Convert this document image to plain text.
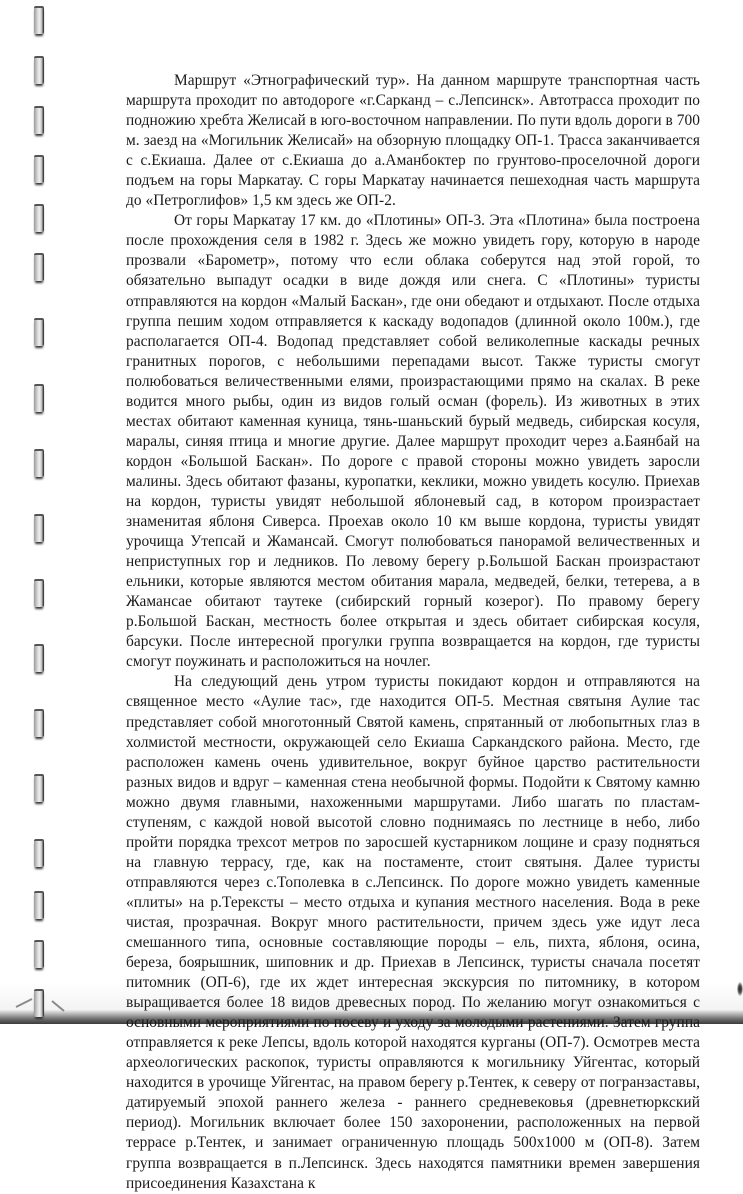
Маршрут «Этнографический тур». На данном маршруте транспортная часть маршрута проходит по автодороге «г.Сарканд – с.Лепсинск». Автотрасса проходит по подножию хребта Желисай в юго-восточном направлении. По пути вдоль дороги в 700 м. заезд на «Могильник Желисай» на обзорную площадку ОП-1. Трасса заканчивается с с.Екиаша. Далее от с.Екиаша до а.Аманбоктер по грунтово-проселочной дороги подъем на горы Маркатау. С горы Маркатау начинается пешеходная часть маршрута до «Петроглифов» 1,5 км здесь же ОП-2.

От горы Маркатау 17 км. до «Плотины» ОП-3. Эта «Плотина» была построена после прохождения селя в 1982 г. Здесь же можно увидеть гору, которую в народе прозвали «Барометр», потому что если облака соберутся над этой горой, то обязательно выпадут осадки в виде дождя или снега. С «Плотины» туристы отправляются на кордон «Малый Баскан», где они обедают и отдыхают. После отдыха группа пешим ходом отправляется к каскаду водопадов (длинной около 100м.), где располагается ОП-4. Водопад представляет собой великолепные каскады речных гранитных порогов, с небольшими перепадами высот. Также туристы смогут полюбоваться величественными елями, произрастающими прямо на скалах. В реке водится много рыбы, один из видов голый осман (форель). Из животных в этих местах обитают каменная куница, тянь-шаньский бурый медведь, сибирская косуля, маралы, синяя птица и многие другие. Далее маршрут проходит через а.Баянбай на кордон «Большой Баскан». По дороге с правой стороны можно увидеть заросли малины. Здесь обитают фазаны, куропатки, кеклики, можно увидеть косулю. Приехав на кордон, туристы увидят небольшой яблоневый сад, в котором произрастает знаменитая яблоня Сиверса. Проехав около 10 км выше кордона, туристы увидят урочища Утепсай и Жамансай. Смогут полюбоваться панорамой величественных и неприступных гор и ледников. По левому берегу р.Большой Баскан произрастают ельники, которые являются местом обитания марала, медведей, белки, тетерева, а в Жамансае обитают таутеке (сибирский горный козерог). По правому берегу р.Большой Баскан, местность более открытая и здесь обитает сибирская косуля, барсуки. После интересной прогулки группа возвращается на кордон, где туристы смогут поужинать и расположиться на ночлег.

На следующий день утром туристы покидают кордон и отправляются на священное место «Аулие тас», где находится ОП-5. Местная святыня Аулие тас представляет собой многотонный Святой камень, спрятанный от любопытных глаз в холмистой местности, окружающей село Екиаша Саркандского района. Место, где расположен камень очень удивительное, вокруг буйное царство растительности разных видов и вдруг – каменная стена необычной формы. Подойти к Святому камню можно двумя главными, нахоженными маршрутами. Либо шагать по пластам-ступеням, с каждой новой высотой словно поднимаясь по лестнице в небо, либо пройти порядка трехсот метров по заросшей кустарником лощине и сразу подняться на главную террасу, где, как на постаменте, стоит святыня. Далее туристы отправляются через с.Тополевка в с.Лепсинск. По дороге можно увидеть каменные «плиты» на р.Терекcты – место отдыха и купания местного населения. Вода в реке чистая, прозрачная. Вокруг много растительности, причем здесь уже идут леса смешанного типа, основные составляющие породы – ель, пихта, яблоня, осина, береза, боярышник, шиповник и др. Приехав в Лепсинск, туристы сначала посетят питомник (ОП-6), где их ждет интересная экскурсия по питомнику, в котором выращивается более 18 видов древесных пород. По желанию могут ознакомиться с основными мероприятиями по посеву и уходу за молодыми растениями. Затем группа отправляется к реке Лепсы, вдоль которой находятся курганы (ОП-7). Осмотрев места археологических раскопок, туристы оправляются к могильнику Уйгентас, который находится в урочище Уйгентас, на правом берегу р.Тентек, к северу от погранзаставы, датируемый эпохой раннего железа - раннего средневековья (древнетюркский период). Могильник включает более 150 захоронении, расположенных на первой террасе р.Тентек, и занимает ограниченную площадь 500х1000 м (ОП-8). Затем группа возвращается в п.Лепсинск. Здесь находятся памятники времен завершения присоединения Казахстана к
